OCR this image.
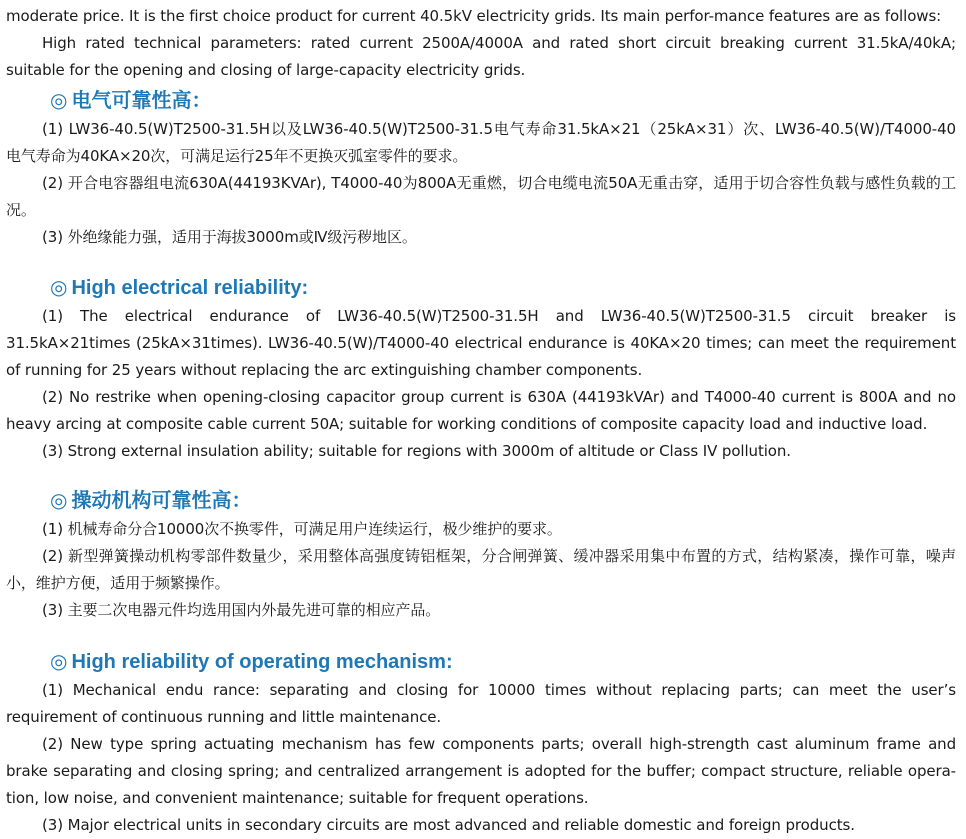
moderate price. It is the first choice product for current 40.5kV electricity grids. Its main perfor-mance features are as follows:

High rated technical parameters: rated current 2500A/4000A and rated short circuit breaking current 31.5kA/40kA; suitable for the opening and closing of large-capacity electricity grids.

◎ 电气可靠性高：

(1) LW36-40.5(W)T2500-31.5H以及LW36-40.5(W)T2500-31.5电气寿命31.5kA×21（25kA×31）次、LW36-40.5(W)/T4000-40电气寿命为40KA×20次，可满足运行25年不更换灭弧室零件的要求。

(2) 开合电容器组电流630A(44193KVAr), T4000-40为800A无重燃，切合电缆电流50A无重击穿，适用于切合容性负载与感性负载的工况。

(3) 外绝缘能力强，适用于海拔3000m或Ⅳ级污秽地区。

◎ High electrical reliability:

(1) The electrical endurance of LW36-40.5(W)T2500-31.5H and LW36-40.5(W)T2500-31.5 circuit breaker is 31.5kA×21times (25kA×31times). LW36-40.5(W)/T4000-40 electrical endurance is 40KA×20 times; can meet the requirement of running for 25 years without replacing the arc extinguishing chamber components.

(2) No restrike when opening-closing capacitor group current is 630A (44193kVAr) and T4000-40 current is 800A and no heavy arcing at composite cable current 50A; suitable for working conditions of composite capacity load and inductive load.

(3) Strong external insulation ability; suitable for regions with 3000m of altitude or Class IV pollution.

◎ 操动机构可靠性高：

(1) 机械寿命分合10000次不换零件，可满足用户连续运行，极少维护的要求。

(2) 新型弹簧操动机构零部件数量少，采用整体高强度铸铝框架，分合闸弹簧、缓冲器采用集中布置的方式，结构紧凑，操作可靠，噪声小，维护方便，适用于频繁操作。

(3) 主要二次电器元件均选用国内外最先进可靠的相应产品。

◎ High reliability of operating mechanism:

(1) Mechanical endu rance: separating and closing for 10000 times without replacing parts; can meet the user’s requirement of continuous running and little maintenance.

(2) New type spring actuating mechanism has few components parts; overall high-strength cast aluminum frame and brake separating and closing spring; and centralized arrangement is adopted for the buffer; compact structure, reliable opera-tion, low noise, and convenient maintenance; suitable for frequent operations.

(3) Major electrical units in secondary circuits are most advanced and reliable domestic and foreign products.
